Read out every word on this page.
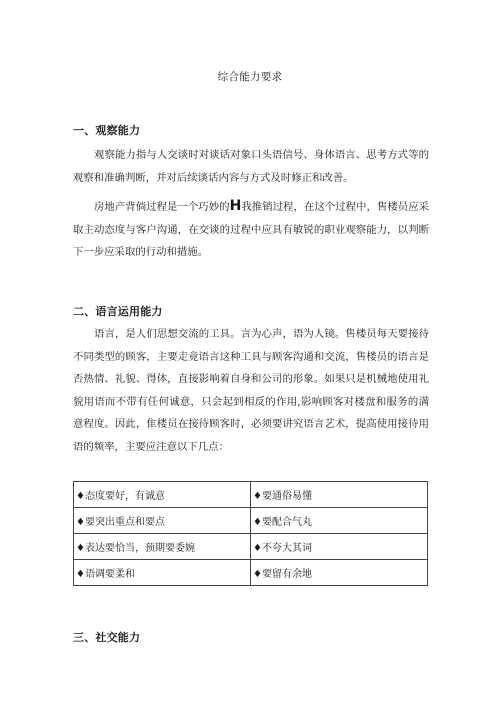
综合能力要求
一、观察能力
观察能力指与人交谈时对谈话对象口头语信号、身体语言、思考方式等的观察和准确判断，并对后续谈话内容与方式及时修正和改善。
房地产背倘过程是一个巧妙的H我推销过程，在这个过程中，售楼员应采取主动态度与客户沟通，在交谈的过程中应具有敏锐的职业观察能力，以判断下一步应采取的行动和措施。
二、语言运用能力
语言，是人们思想交流的工具。言为心声，语为人镜。售楼员每天要接待不同类型的顾客，主要走竟语言这种工具与顾客沟通和交流，售楼员的语言是否热情、礼貌、得体，直接影响着自身和公司的形象。如果只是机械地使用礼貌用语而不带有任何诚意，只会起到相反的作用,影响顾客对楼盘和服务的满意程度。因此，隹楼员在接待顾客时，必须要讲究语言艺术，提高使用接待用语的频率，主要应注意以下几点：
♦态度要好，有诚意	♦要通俗易懂
♦要突出重点和要点	♦要配合气丸
♦表达要恰当，预期要委婉	♦不夸大其词
♦语调要柔和	♦要留有余地
三、社交能力
